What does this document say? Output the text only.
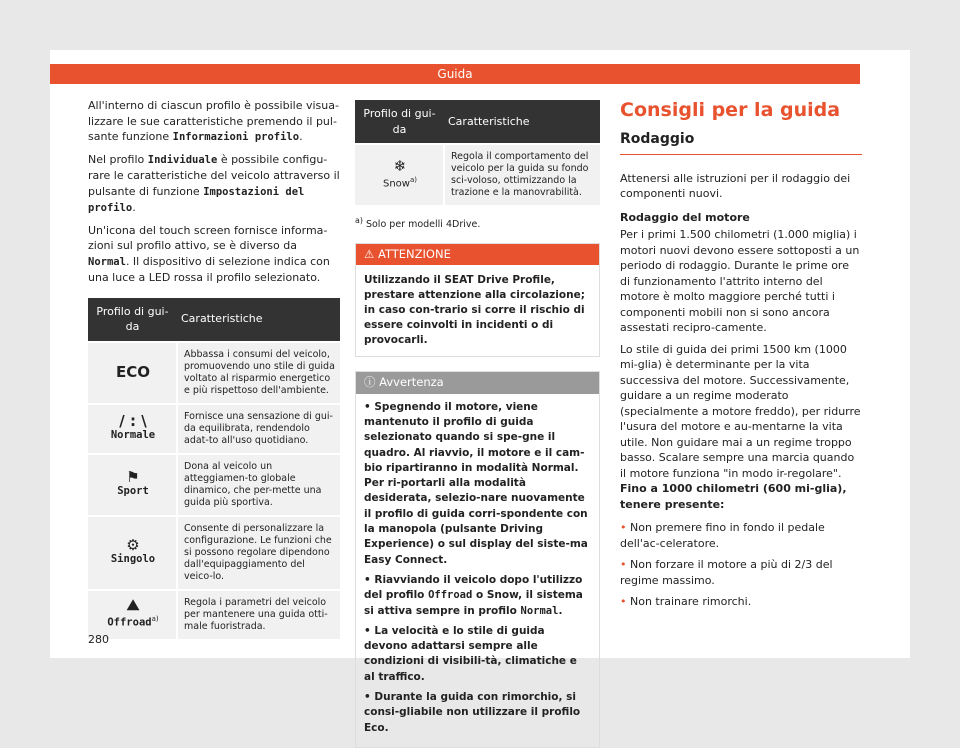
Guida

All'interno di ciascun profilo è possibile visua-lizzare le sue caratteristiche premendo il pul-sante funzione Informazioni profilo.

Nel profilo Individuale è possibile configu-rare le caratteristiche del veicolo attraverso il pulsante di funzione Impostazioni del profilo.

Un'icona del touch screen fornisce informa-zioni sul profilo attivo, se è diverso da Normal. Il dispositivo di selezione indica con una luce a LED rossa il profilo selezionato.

Profilo di gui-da	Caratteristiche

ECO	Abbassa i consumi del veicolo, promuovendo uno stile di guida voltato al risparmio energetico e più rispettoso dell'ambiente.

/ : \
Normale	Fornisce una sensazione di gui-da equilibrata, rendendolo adat-to all'uso quotidiano.

⚑
Sport	Dona al veicolo un atteggiamen-to globale dinamico, che per-mette una guida più sportiva.

⚙
Singolo	Consente di personalizzare la configurazione. Le funzioni che si possono regolare dipendono dall'equipaggiamento del veico-lo.

⛰
Offroad$^{a)}$	Regola i parametri del veicolo per mantenere una guida otti-male fuoristrada.
Profilo di gui-da	Caratteristiche

❄
Snow$^{a)}$	Regola il comportamento del veicolo per la guida su fondo sci-voloso, ottimizzando la trazione e la manovrabilità.
$^{a)}$ Solo per modelli 4Drive.
⚠ ATTENZIONE
Utilizzando il SEAT Drive Profile, prestare attenzione alla circolazione; in caso con-trario si corre il rischio di essere coinvolti in incidenti o di provocarli.
ⓘ Avvertenza

• Spegnendo il motore, viene mantenuto il profilo di guida selezionato quando si spe-gne il quadro. Al riavvio, il motore e il cam-bio ripartiranno in modalità Normal. Per ri-portarli alla modalità desiderata, selezio-nare nuovamente il profilo di guida corri-spondente con la manopola (pulsante Driving Experience) o sul display del siste-ma Easy Connect.

• Riavviando il veicolo dopo l'utilizzo del profilo Offroad o Snow, il sistema si attiva sempre in profilo Normal.

• La velocità e lo stile di guida devono adattarsi sempre alle condizioni di visibili-tà, climatiche e al traffico.

• Durante la guida con rimorchio, si consi-gliabile non utilizzare il profilo Eco.

Consigli per la guida
Rodaggio

Attenersi alle istruzioni per il rodaggio dei componenti nuovi.

Rodaggio del motore

Per i primi 1.500 chilometri (1.000 miglia) i motori nuovi devono essere sottoposti a un periodo di rodaggio. Durante le prime ore di funzionamento l'attrito interno del motore è molto maggiore perché tutti i componenti mobili non si sono ancora assestati recipro-camente.

Lo stile di guida dei primi 1500 km (1000 mi-glia) è determinante per la vita successiva del motore. Successivamente, guidare a un regime moderato (specialmente a motore freddo), per ridurre l'usura del motore e au-mentarne la vita utile. Non guidare mai a un regime troppo basso. Scalare sempre una marcia quando il motore funziona "in modo ir-regolare". Fino a 1000 chilometri (600 mi-glia), tenere presente:

• Non premere fino in fondo il pedale dell'ac-celeratore.

• Non forzare il motore a più di 2/3 del regime massimo.

• Non trainare rimorchi.

280
